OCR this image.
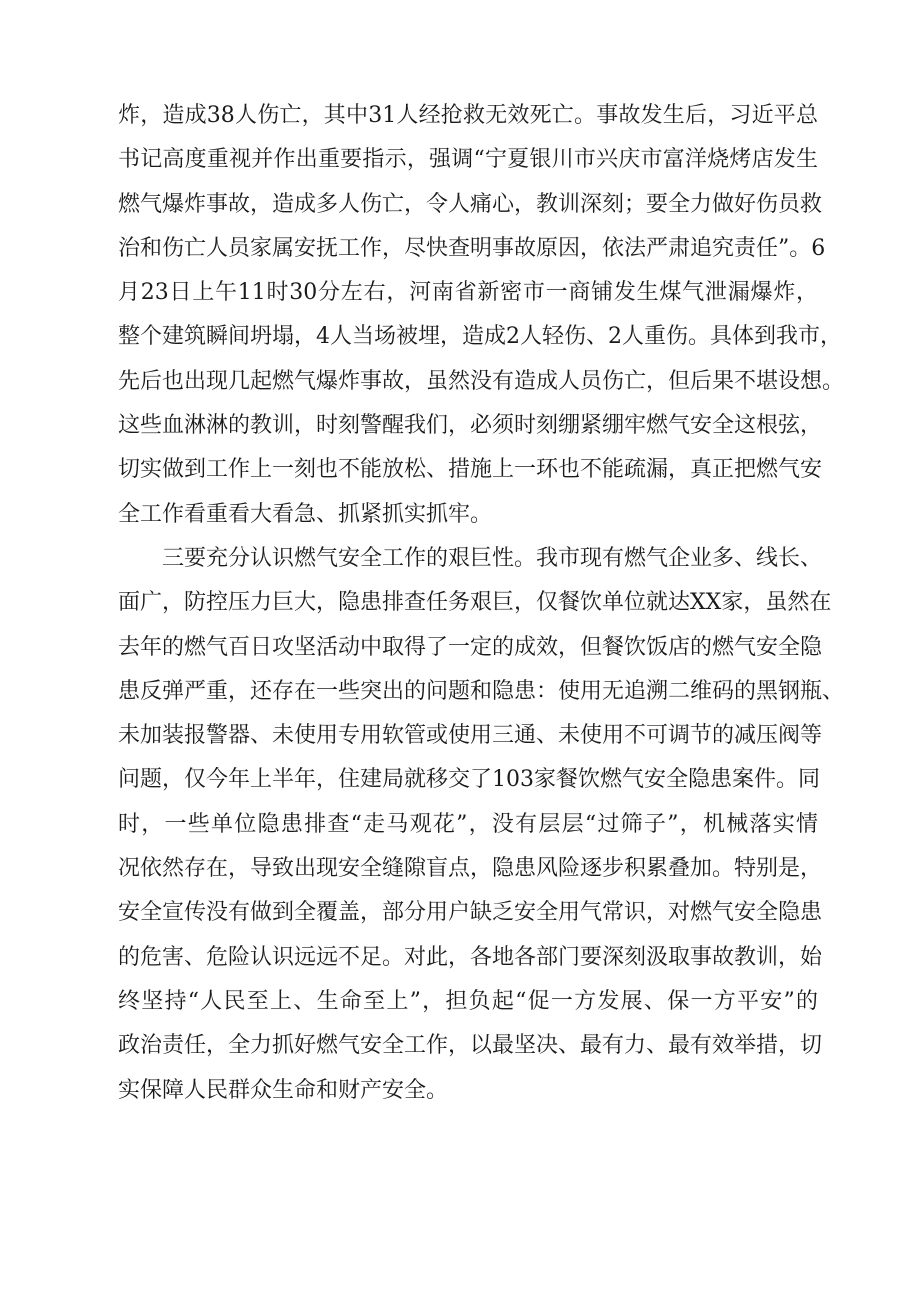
炸，造成38人伤亡，其中31人经抢救无效死亡。事故发生后，习近平总
书记高度重视并作出重要指示，强调“宁夏银川市兴庆市富洋烧烤店发生
燃气爆炸事故，造成多人伤亡，令人痛心，教训深刻；要全力做好伤员救
治和伤亡人员家属安抚工作，尽快查明事故原因，依法严肃追究责任”。6
月23日上午11时30分左右，河南省新密市一商铺发生煤气泄漏爆炸，
整个建筑瞬间坍塌，4人当场被埋，造成2人轻伤、2人重伤。具体到我市，
先后也出现几起燃气爆炸事故，虽然没有造成人员伤亡，但后果不堪设想。
这些血淋淋的教训，时刻警醒我们，必须时刻绷紧绷牢燃气安全这根弦，
切实做到工作上一刻也不能放松、措施上一环也不能疏漏，真正把燃气安
全工作看重看大看急、抓紧抓实抓牢。
三要充分认识燃气安全工作的艰巨性。我市现有燃气企业多、线长、
面广，防控压力巨大，隐患排查任务艰巨，仅餐饮单位就达XX家，虽然在
去年的燃气百日攻坚活动中取得了一定的成效，但餐饮饭店的燃气安全隐
患反弹严重，还存在一些突出的问题和隐患：使用无追溯二维码的黑钢瓶、
未加装报警器、未使用专用软管或使用三通、未使用不可调节的减压阀等
问题，仅今年上半年，住建局就移交了103家餐饮燃气安全隐患案件。同
时，一些单位隐患排查“走马观花”，没有层层“过筛子”，机械落实情
况依然存在，导致出现安全缝隙盲点，隐患风险逐步积累叠加。特别是，
安全宣传没有做到全覆盖，部分用户缺乏安全用气常识，对燃气安全隐患
的危害、危险认识远远不足。对此，各地各部门要深刻汲取事故教训，始
终坚持“人民至上、生命至上”，担负起“促一方发展、保一方平安”的
政治责任，全力抓好燃气安全工作，以最坚决、最有力、最有效举措，切
实保障人民群众生命和财产安全。
